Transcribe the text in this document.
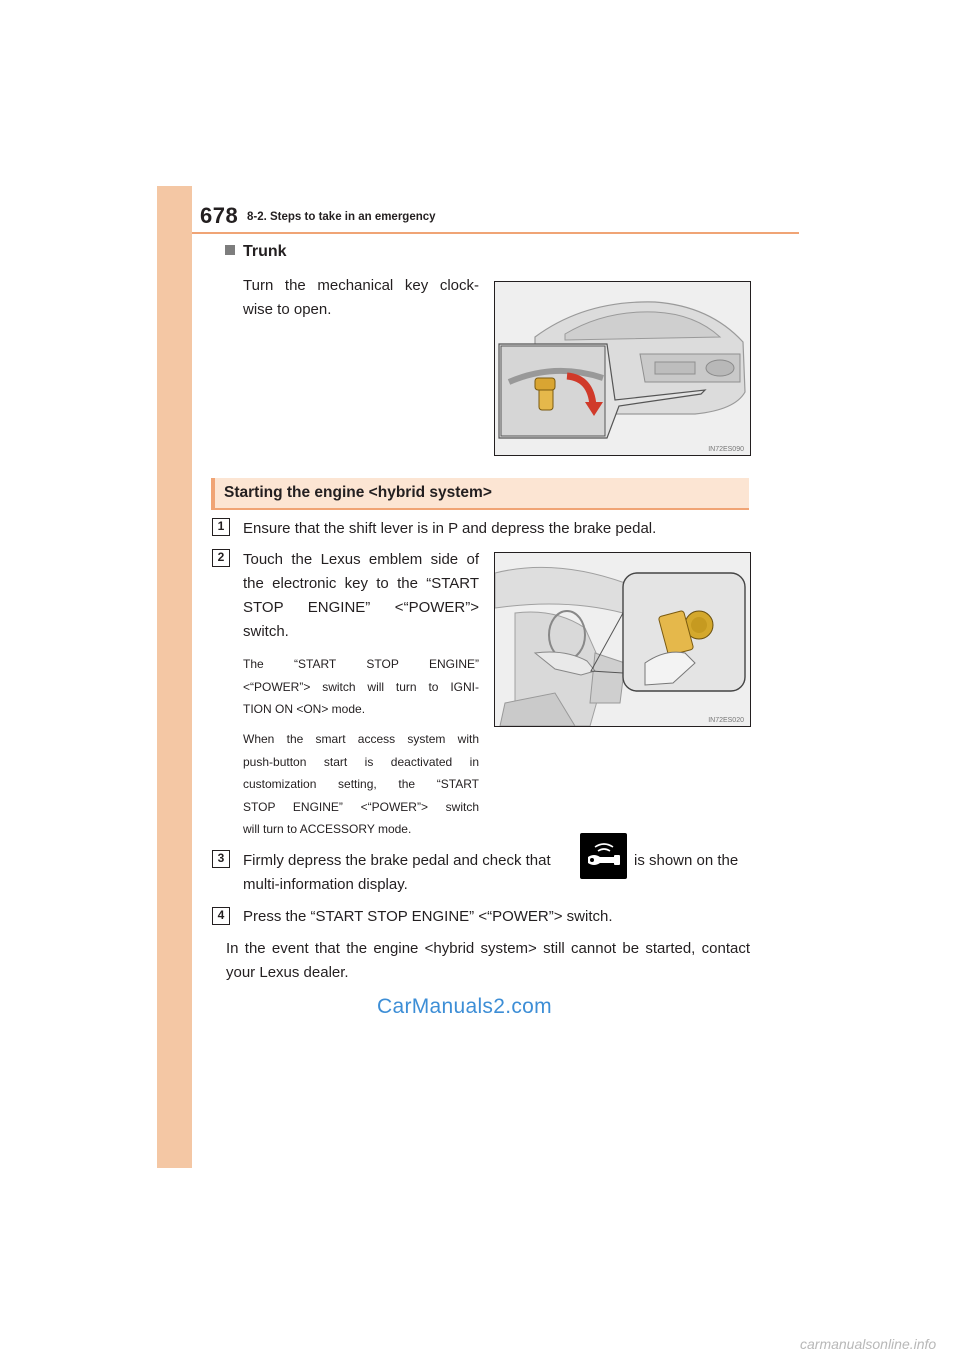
678 8-2. Steps to take in an emergency
Trunk
Turn the mechanical key clock-
wise to open.
IN72ES090
Starting the engine <hybrid system>
1	Ensure that the shift lever is in P and depress the brake pedal.
2	Touch the Lexus emblem side of
the electronic key to the “START
STOP ENGINE” <“POWER”>
switch.
The “START STOP ENGINE”
<“POWER”> switch will turn to IGNI-
TION ON <ON> mode.
When the smart access system with
push-button start is deactivated in
customization setting, the “START
STOP ENGINE” <“POWER”> switch
will turn to ACCESSORY mode.
IN72ES020
3	Firmly depress the brake pedal and check that	is shown on the
multi-information display.
4	Press the “START STOP ENGINE” <“POWER”> switch.
In the event that the engine <hybrid system> still cannot be started, contact
your Lexus dealer.
CarManuals2.com
carmanualsonline.info
